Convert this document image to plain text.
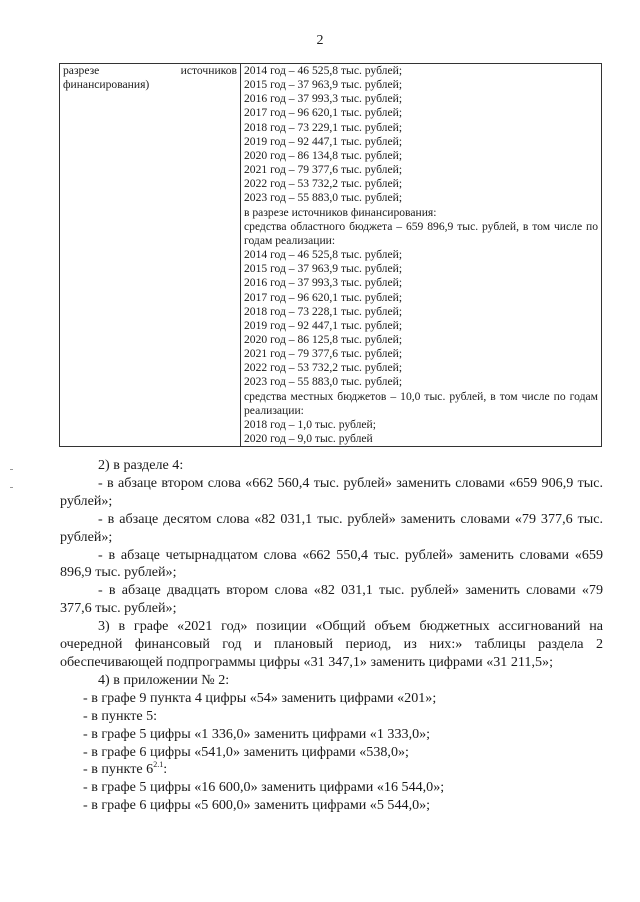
2
разрезе	источников
финансирования)

2014 год – 46 525,8 тыс. рублей;
2015 год – 37 963,9 тыс. рублей;
2016 год – 37 993,3 тыс. рублей;
2017 год – 96 620,1 тыс. рублей;
2018 год – 73 229,1 тыс. рублей;
2019 год – 92 447,1 тыс. рублей;
2020 год – 86 134,8 тыс. рублей;
2021 год – 79 377,6 тыс. рублей;
2022 год – 53 732,2 тыс. рублей;
2023 год – 55 883,0 тыс. рублей;
в разрезе источников финансирования:
средства областного бюджета – 659 896,9 тыс. рублей, в том числе по годам реализации:
2014 год – 46 525,8 тыс. рублей;
2015 год – 37 963,9 тыс. рублей;
2016 год – 37 993,3 тыс. рублей;
2017 год – 96 620,1 тыс. рублей;
2018 год – 73 228,1 тыс. рублей;
2019 год – 92 447,1 тыс. рублей;
2020 год – 86 125,8 тыс. рублей;
2021 год – 79 377,6 тыс. рублей;
2022 год – 53 732,2 тыс. рублей;
2023 год – 55 883,0 тыс. рублей;
средства местных бюджетов – 10,0 тыс. рублей, в том числе по годам реализации:
2018 год – 1,0 тыс. рублей;
2020 год – 9,0 тыс. рублей

2) в разделе 4:

- в абзаце втором слова «662 560,4 тыс. рублей» заменить словами «659 906,9 тыс. рублей»;

- в абзаце десятом слова «82 031,1 тыс. рублей» заменить словами «79 377,6 тыс. рублей»;

- в абзаце четырнадцатом слова «662 550,4 тыс. рублей» заменить словами «659 896,9 тыс. рублей»;

- в абзаце двадцать втором слова «82 031,1 тыс. рублей» заменить словами «79 377,6 тыс. рублей»;

3) в графе «2021 год» позиции «Общий объем бюджетных ассигнований на очередной финансовый год и плановый период, из них:» таблицы раздела 2 обеспечивающей подпрограммы цифры «31 347,1» заменить цифрами «31 211,5»;

4) в приложении № 2:

- в графе 9 пункта 4 цифры «54» заменить цифрами «201»;

- в пункте 5:

- в графе 5 цифры «1 336,0» заменить цифрами «1 333,0»;

- в графе 6 цифры «541,0» заменить цифрами «538,0»;

- в пункте $6^{2.1}$:

- в графе 5 цифры «16 600,0» заменить цифрами «16 544,0»;

- в графе 6 цифры «5 600,0» заменить цифрами «5 544,0»;
